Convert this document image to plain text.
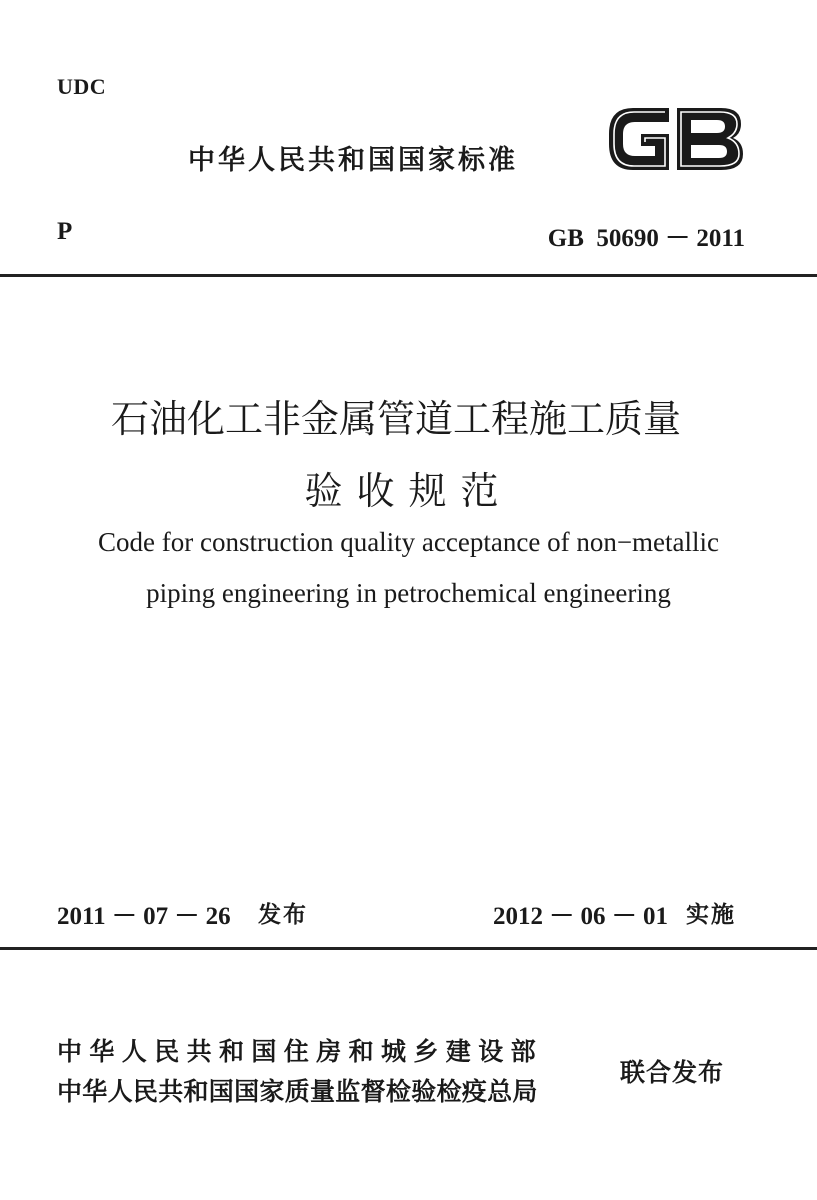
UDC
中华人民共和国国家标准
P	GB  50690 － 2011
石油化工非金属管道工程施工质量
验收规范
Code for construction quality acceptance of non−metallic
piping engineering in petrochemical engineering
2011 － 07 － 26 发布	2012 － 06 － 01 实施
中华人民共和国住房和城乡建设部
中华人民共和国国家质量监督检验检疫总局
联合发布
